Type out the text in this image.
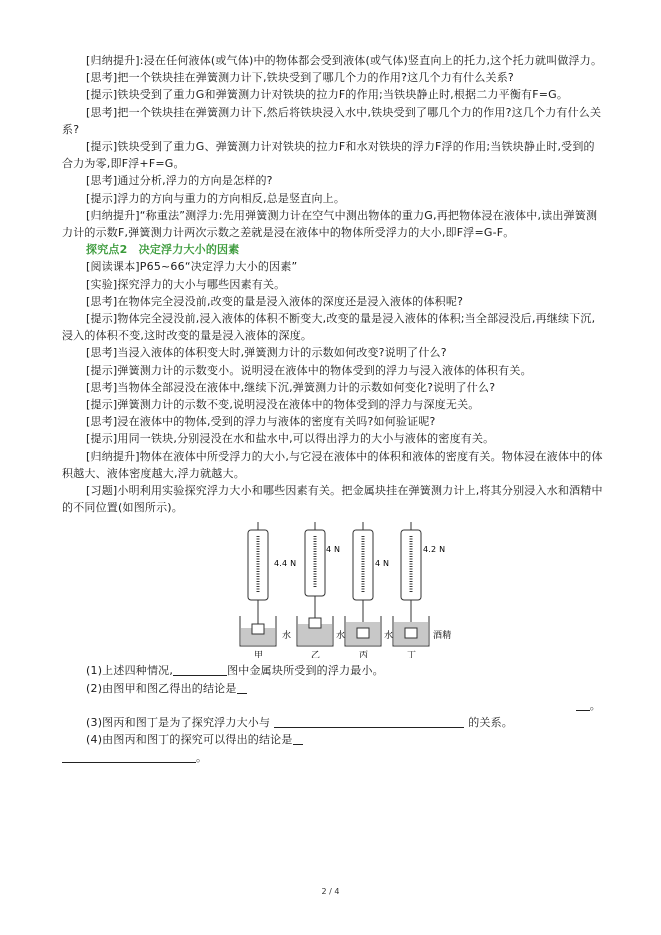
[归纳提升]:浸在任何液体(或气体)中的物体都会受到液体(或气体)竖直向上的托力,这个托力就叫做浮力。

[思考]把一个铁块挂在弹簧测力计下,铁块受到了哪几个力的作用?这几个力有什么关系?

[提示]铁块受到了重力G和弹簧测力计对铁块的拉力F的作用;当铁块静止时,根据二力平衡有F=G。

[思考]把一个铁块挂在弹簧测力计下,然后将铁块浸入水中,铁块受到了哪几个力的作用?这几个力有什么关系?

[提示]铁块受到了重力G、弹簧测力计对铁块的拉力F和水对铁块的浮力F浮的作用;当铁块静止时,受到的合力为零,即F浮+F=G。

[思考]通过分析,浮力的方向是怎样的?

[提示]浮力的方向与重力的方向相反,总是竖直向上。

[归纳提升]“称重法”测浮力:先用弹簧测力计在空气中测出物体的重力G,再把物体浸在液体中,读出弹簧测力计的示数F,弹簧测力计两次示数之差就是浸在液体中的物体所受浮力的大小,即F浮=G-F。

探究点2　决定浮力大小的因素

[阅读课本]P65~66“决定浮力大小的因素”

[实验]探究浮力的大小与哪些因素有关。

[思考]在物体完全浸没前,改变的量是浸入液体的深度还是浸入液体的体积呢?

[提示]物体完全浸没前,浸入液体的体积不断变大,改变的量是浸入液体的体积;当全部浸没后,再继续下沉,浸入的体积不变,这时改变的量是浸入液体的深度。

[思考]当浸入液体的体积变大时,弹簧测力计的示数如何改变?说明了什么?

[提示]弹簧测力计的示数变小。说明浸在液体中的物体受到的浮力与浸入液体的体积有关。

[思考]当物体全部浸没在液体中,继续下沉,弹簧测力计的示数如何变化?说明了什么?

[提示]弹簧测力计的示数不变,说明浸没在液体中的物体受到的浮力与深度无关。

[思考]浸在液体中的物体,受到的浮力与液体的密度有关吗?如何验证呢?

[提示]用同一铁块,分别浸没在水和盐水中,可以得出浮力的大小与液体的密度有关。

[归纳提升]物体在液体中所受浮力的大小,与它浸在液体中的体积和液体的密度有关。物体浸在液体中的体积越大、液体密度越大,浮力就越大。

[习题]小明利用实验探究浮力大小和哪些因素有关。把金属块挂在弹簧测力计上,将其分别浸入水和酒精中的不同位置(如图所示)。

4.4 N
水
甲
4 N
水
乙
4 N
水
丙
4.2 N
酒精
丁

(1)上述四种情况,	图中金属块所受到的浮力最小。

(2)由图甲和图乙得出的结论是

。

(3)图丙和图丁是为了探究浮力大小与	的关系。

(4)由图丙和图丁的探究可以得出的结论是

。

2 / 4
